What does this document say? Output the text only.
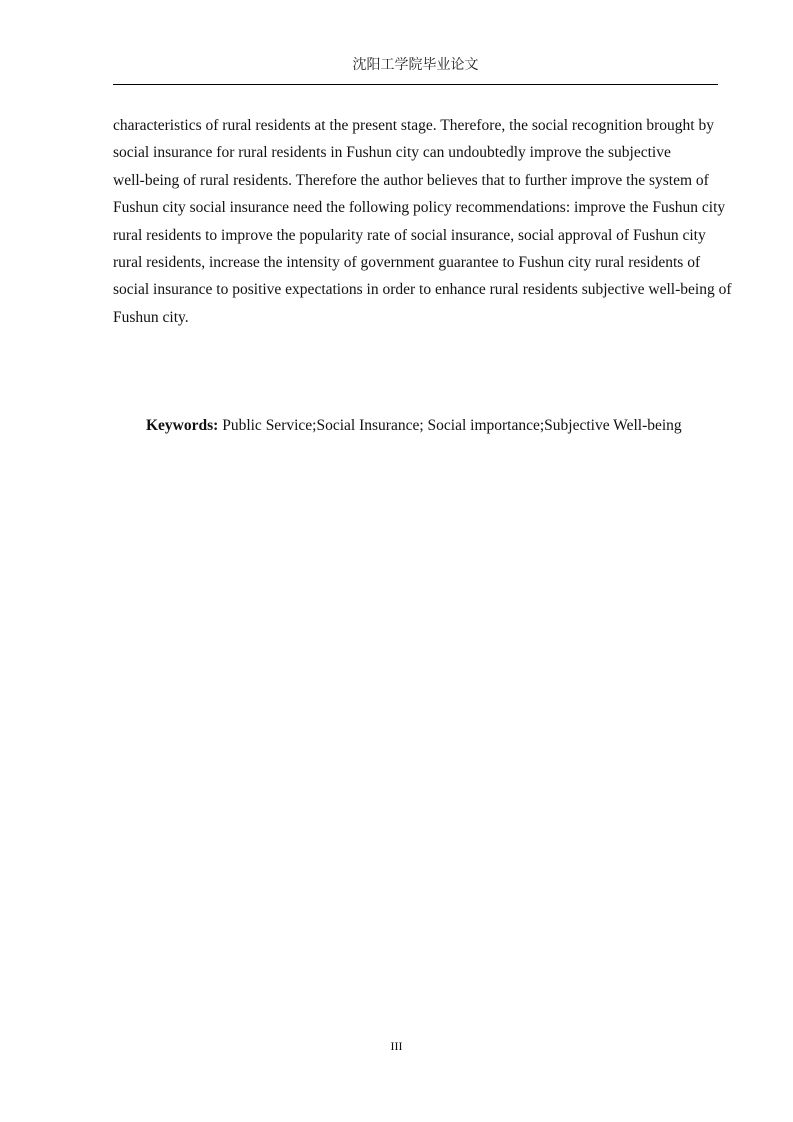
沈阳工学院毕业论文
characteristics of rural residents at the present stage. Therefore, the social recognition brought by
social insurance for rural residents in Fushun city can undoubtedly improve the subjective
well-being of rural residents. Therefore the author believes that to further improve the system of
Fushun city social insurance need the following policy recommendations: improve the Fushun city
rural residents to improve the popularity rate of social insurance, social approval of Fushun city
rural residents, increase the intensity of government guarantee to Fushun city rural residents of
social insurance to positive expectations in order to enhance rural residents subjective well-being of
Fushun city.
Keywords: Public Service;Social Insurance; Social importance;Subjective Well-being
III
